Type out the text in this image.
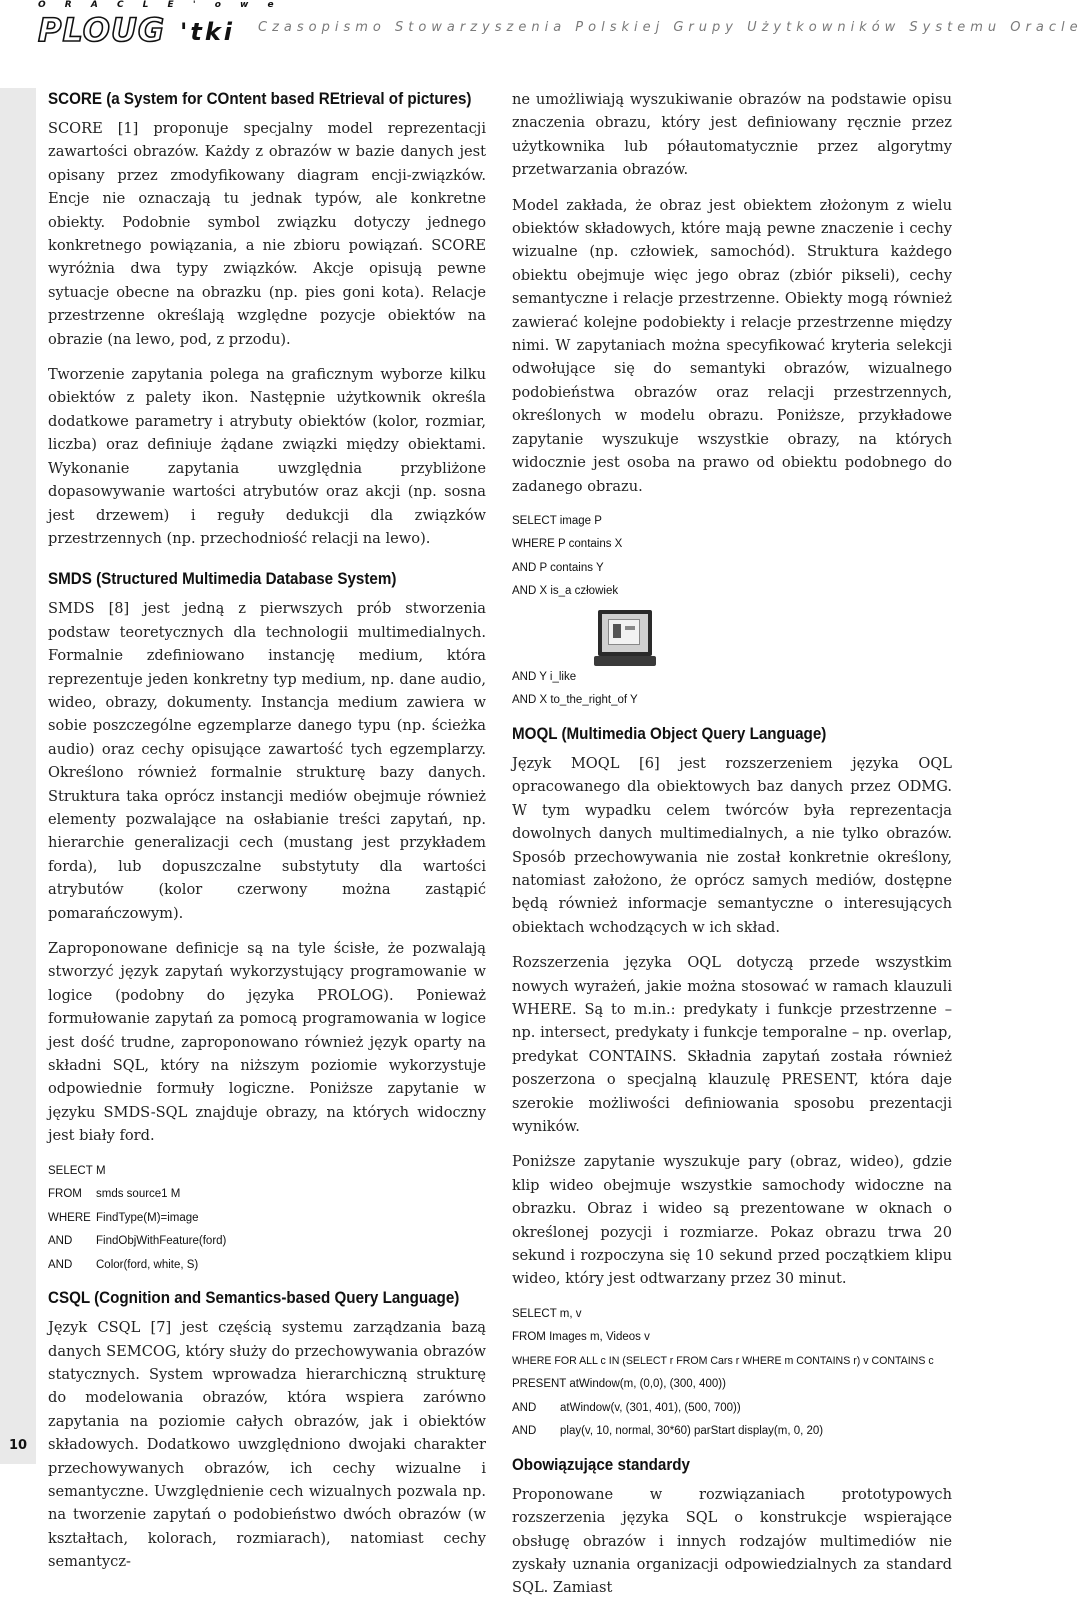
O R A C L E ' o w e
PLOUG 'tki Czasopismo Stowarzyszenia Polskiej Grupy Użytkowników Systemu Oracle
10
SCORE (a System for COntent based REtrieval of pictures)

SCORE [1] proponuje specjalny model reprezentacji zawartości obrazów. Każdy z obrazów w bazie danych jest opisany przez zmodyfikowany diagram encji-związków. Encje nie oznaczają tu jednak typów, ale konkretne obiekty. Podobnie symbol związku dotyczy jednego konkretnego powiązania, a nie zbioru powiązań. SCORE wyróżnia dwa typy związków. Akcje opisują pewne sytuacje obecne na obrazku (np. pies goni kota). Relacje przestrzenne określają względne pozycje obiektów na obrazie (na lewo, pod, z przodu).

Tworzenie zapytania polega na graficznym wyborze kilku obiektów z palety ikon. Następnie użytkownik określa dodatkowe parametry i atrybuty obiektów (kolor, rozmiar, liczba) oraz definiuje żądane związki między obiektami. Wykonanie zapytania uwzględnia przybliżone dopasowywanie wartości atrybutów oraz akcji (np. sosna jest drzewem) i reguły dedukcji dla związków przestrzennych (np. przechodniość relacji na lewo).

SMDS (Structured Multimedia Database System)

SMDS [8] jest jedną z pierwszych prób stworzenia podstaw teoretycznych dla technologii multimedialnych. Formalnie zdefiniowano instancję medium, która reprezentuje jeden konkretny typ medium, np. dane audio, wideo, obrazy, dokumenty. Instancja medium zawiera w sobie poszczególne egzemplarze danego typu (np. ścieżka audio) oraz cechy opisujące zawartość tych egzemplarzy. Określono również formalnie strukturę bazy danych. Struktura taka oprócz instancji mediów obejmuje również elementy pozwalające na osłabianie treści zapytań, np. hierarchie generalizacji cech (mustang jest przykładem forda), lub dopuszczalne substytuty dla wartości atrybutów (kolor czerwony można zastąpić pomarańczowym).

Zaproponowane definicje są na tyle ścisłe, że pozwalają stworzyć język zapytań wykorzystujący programowanie w logice (podobny do języka PROLOG). Ponieważ formułowanie zapytań za pomocą programowania w logice jest dość trudne, zaproponowano również język oparty na składni SQL, który na niższym poziomie wykorzystuje odpowiednie formuły logiczne. Poniższe zapytanie w języku SMDS-SQL znajduje obrazy, na których widoczny jest biały ford.

SELECT M
FROM smds source1 M
WHERE FindType(M)=image
AND FindObjWithFeature(ford)
AND Color(ford, white, S)
CSQL (Cognition and Semantics-based Query Language)

Język CSQL [7] jest częścią systemu zarządzania bazą danych SEMCOG, który służy do przechowywania obrazów statycznych. System wprowadza hierarchiczną strukturę do modelowania obrazów, która wspiera zarówno zapytania na poziomie całych obrazów, jak i obiektów składowych. Dodatkowo uwzględniono dwojaki charakter przechowywanych obrazów, ich cechy wizualne i semantyczne. Uwzględnienie cech wizualnych pozwala np. na tworzenie zapytań o podobieństwo dwóch obrazów (w kształtach, kolorach, rozmiarach), natomiast cechy semantycz-

ne umożliwiają wyszukiwanie obrazów na podstawie opisu znaczenia obrazu, który jest definiowany ręcznie przez użytkownika lub półautomatycznie przez algorytmy przetwarzania obrazów.

Model zakłada, że obraz jest obiektem złożonym z wielu obiektów składowych, które mają pewne znaczenie i cechy wizualne (np. człowiek, samochód). Struktura każdego obiektu obejmuje więc jego obraz (zbiór pikseli), cechy semantyczne i relacje przestrzenne. Obiekty mogą również zawierać kolejne podobiekty i relacje przestrzenne między nimi. W zapytaniach można specyfikować kryteria selekcji odwołujące się do semantyki obrazów, wizualnego podobieństwa obrazów oraz relacji przestrzennych, określonych w modelu obrazu. Poniższe, przykładowe zapytanie wyszukuje wszystkie obrazy, na których widocznie jest osoba na prawo od obiektu podobnego do zadanego obrazu.

SELECT image P
WHERE P contains X
AND P contains Y
AND X is_a człowiek
AND Y i_like
AND X to_the_right_of Y
MOQL (Multimedia Object Query Language)

Język MOQL [6] jest rozszerzeniem języka OQL opracowanego dla obiektowych baz danych przez ODMG. W tym wypadku celem twórców była reprezentacja dowolnych danych multimedialnych, a nie tylko obrazów. Sposób przechowywania nie został konkretnie określony, natomiast założono, że oprócz samych mediów, dostępne będą również informacje semantyczne o interesujących obiektach wchodzących w ich skład.

Rozszerzenia języka OQL dotyczą przede wszystkim nowych wyrażeń, jakie można stosować w ramach klauzuli WHERE. Są to m.in.: predykaty i funkcje przestrzenne – np. intersect, predykaty i funkcje temporalne – np. overlap, predykat CONTAINS. Składnia zapytań została również poszerzona o specjalną klauzulę PRESENT, która daje szerokie możliwości definiowania sposobu prezentacji wyników.

Poniższe zapytanie wyszukuje pary (obraz, wideo), gdzie klip wideo obejmuje wszystkie samochody widoczne na obrazku. Obraz i wideo są prezentowane w oknach o określonej pozycji i rozmiarze. Pokaz obrazu trwa 20 sekund i rozpoczyna się 10 sekund przed początkiem klipu wideo, który jest odtwarzany przez 30 minut.

SELECT m, v
FROM Images m, Videos v
WHERE FOR ALL c IN (SELECT r FROM Cars r WHERE m CONTAINS r) v CONTAINS c
PRESENT atWindow(m, (0,0), (300, 400))
AND atWindow(v, (301, 401), (500, 700))
AND play(v, 10, normal, 30*60) parStart display(m, 0, 20)
Obowiązujące standardy

Proponowane w rozwiązaniach prototypowych rozszerzenia języka SQL o konstrukcje wspierające obsługę obrazów i innych rodzajów multimediów nie zyskały uznania organizacji odpowiedzialnych za standard SQL. Zamiast
